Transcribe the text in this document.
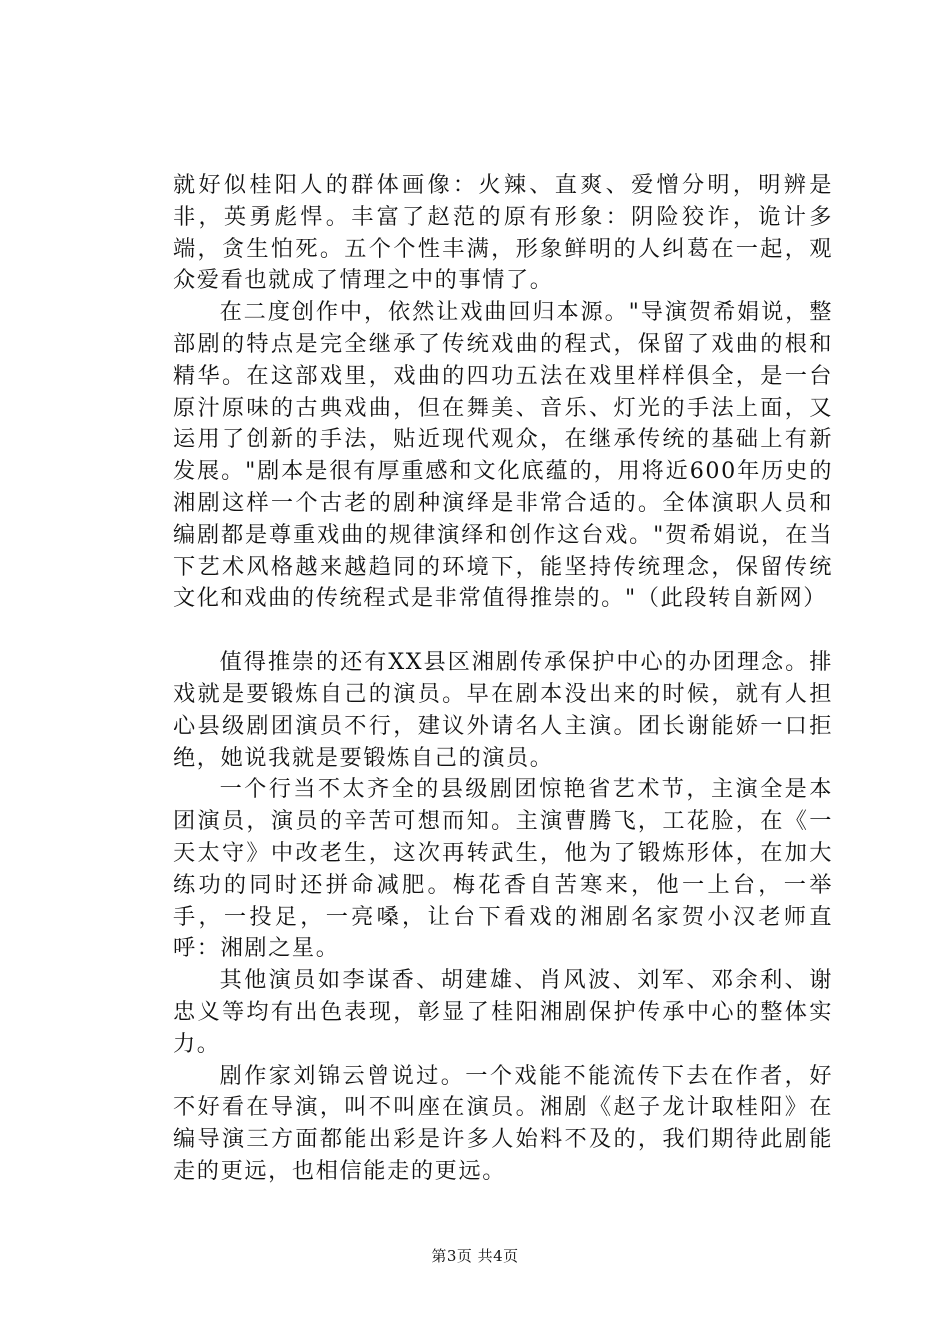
就好似桂阳人的群体画像：火辣、直爽、爱憎分明，明辨是非，英勇彪悍。丰富了赵范的原有形象：阴险狡诈，诡计多端，贪生怕死。五个个性丰满，形象鲜明的人纠葛在一起，观众爱看也就成了情理之中的事情了。

在二度创作中，依然让戏曲回归本源。"导演贺希娟说，整部剧的特点是完全继承了传统戏曲的程式，保留了戏曲的根和精华。在这部戏里，戏曲的四功五法在戏里样样俱全，是一台原汁原味的古典戏曲，但在舞美、音乐、灯光的手法上面，又运用了创新的手法，贴近现代观众，在继承传统的基础上有新发展。"剧本是很有厚重感和文化底蕴的，用将近600年历史的湘剧这样一个古老的剧种演绎是非常合适的。全体演职人员和编剧都是尊重戏曲的规律演绎和创作这台戏。"贺希娟说，在当下艺术风格越来越趋同的环境下，能坚持传统理念，保留传统文化和戏曲的传统程式是非常值得推崇的。"（此段转自新网）

值得推崇的还有XX县区湘剧传承保护中心的办团理念。排戏就是要锻炼自己的演员。早在剧本没出来的时候，就有人担心县级剧团演员不行，建议外请名人主演。团长谢能娇一口拒绝，她说我就是要锻炼自己的演员。

一个行当不太齐全的县级剧团惊艳省艺术节，主演全是本团演员，演员的辛苦可想而知。主演曹腾飞，工花脸，在《一天太守》中改老生，这次再转武生，他为了锻炼形体，在加大练功的同时还拼命减肥。梅花香自苦寒来，他一上台，一举手，一投足，一亮嗓，让台下看戏的湘剧名家贺小汉老师直呼：湘剧之星。

其他演员如李谋香、胡建雄、肖风波、刘军、邓余利、谢忠义等均有出色表现，彰显了桂阳湘剧保护传承中心的整体实力。

剧作家刘锦云曾说过。一个戏能不能流传下去在作者，好不好看在导演，叫不叫座在演员。湘剧《赵子龙计取桂阳》在编导演三方面都能出彩是许多人始料不及的，我们期待此剧能走的更远，也相信能走的更远。

第3页 共4页
